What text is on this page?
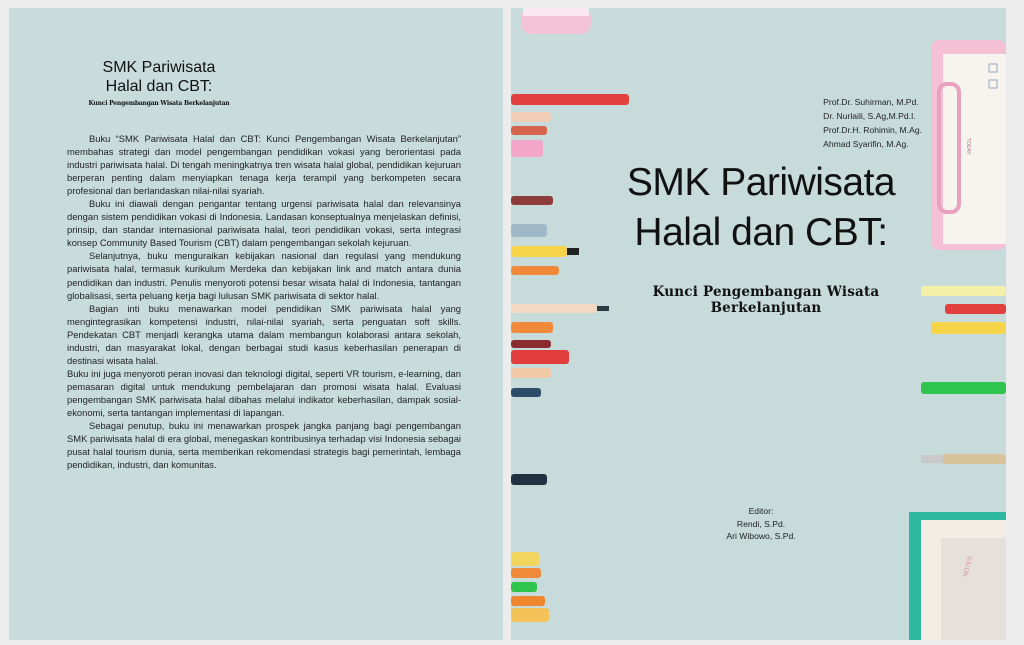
SMK Pariwisata
Halal dan CBT:
Kunci Pengembangan Wisata Berkelanjutan

Buku “SMK Pariwisata Halal dan CBT: Kunci Pengembangan Wisata Berkelanjutan” membahas strategi dan model pengembangan pendidikan vokasi yang berorientasi pada industri pariwisata halal. Di tengah meningkatnya tren wisata halal global, pendidikan kejuruan berperan penting dalam menyiapkan tenaga kerja terampil yang berkompeten secara profesional dan berlandaskan nilai-nilai syariah.

Buku ini diawali dengan pengantar tentang urgensi pariwisata halal dan relevansinya dengan sistem pendidikan vokasi di Indonesia. Landasan konseptualnya menjelaskan definisi, prinsip, dan standar internasional pariwisata halal, teori pendidikan vokasi, serta integrasi konsep Community Based Tourism (CBT) dalam pengembangan sekolah kejuruan.

Selanjutnya, buku menguraikan kebijakan nasional dan regulasi yang mendukung pariwisata halal, termasuk kurikulum Merdeka dan kebijakan link and match antara dunia pendidikan dan industri. Penulis menyoroti potensi besar wisata halal di Indonesia, tantangan globalisasi, serta peluang kerja bagi lulusan SMK pariwisata di sektor halal.

Bagian inti buku menawarkan model pendidikan SMK pariwisata halal yang mengintegrasikan kompetensi industri, nilai-nilai syariah, serta penguatan soft skills. Pendekatan CBT menjadi kerangka utama dalam membangun kolaborasi antara sekolah, industri, dan masyarakat lokal, dengan berbagai studi kasus keberhasilan penerapan di destinasi wisata halal.

Buku ini juga menyoroti peran inovasi dan teknologi digital, seperti VR tourism, e-learning, dan pemasaran digital untuk mendukung pembelajaran dan promosi wisata halal. Evaluasi pengembangan SMK pariwisata halal dibahas melalui indikator keberhasilan, dampak sosial-ekonomi, serta tantangan implementasi di lapangan.

Sebagai penutup, buku ini menawarkan prospek jangka panjang bagi pengembangan SMK pariwisata halal di era global, menegaskan kontribusinya terhadap visi Indonesia sebagai pusat halal tourism dunia, serta memberikan rekomendasi strategis bagi pemerintah, lembaga pendidikan, industri, dan komunitas.

Prof.Dr. Suhirman, M.Pd.
Dr. Nurlaili, S.Ag,M.Pd.I.
Prof.Dr.H. Rohimin, M.Ag.
Ahmad Syarifin, M.Ag.
SMK Pariwisata
Halal dan CBT:
Kunci Pengembangan Wisata Berkelanjutan
Editor:
Rendi, S.Pd.
Ari Wibowo, S.Pd.
TODAY
NOTES
